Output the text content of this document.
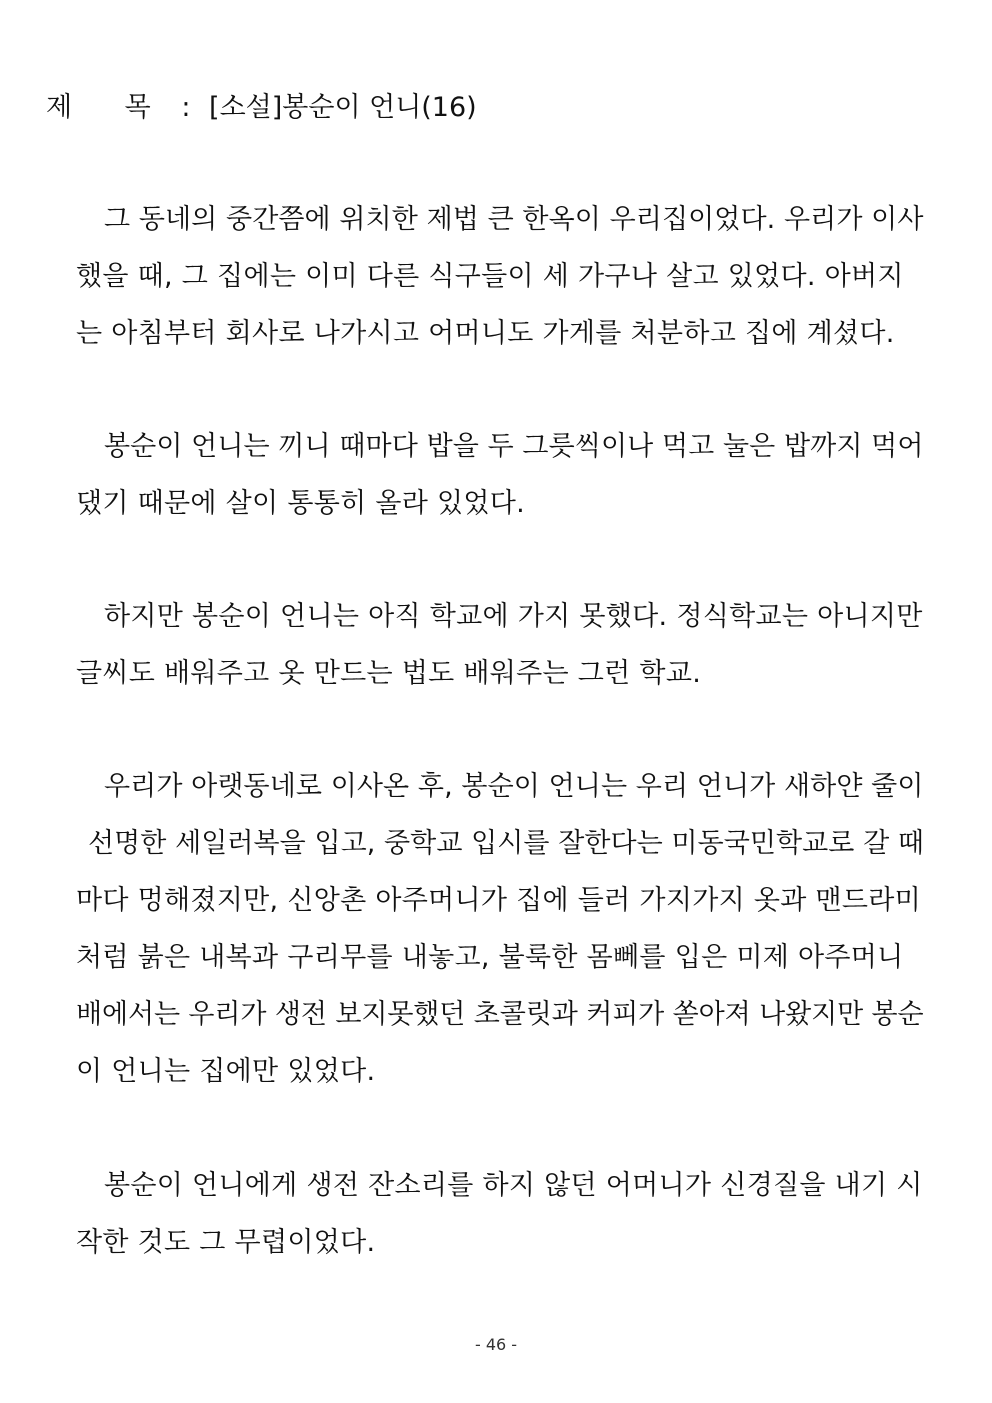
제 목 : [소설]봉순이 언니(16)
그 동네의 중간쯤에 위치한 제법 큰 한옥이 우리집이었다. 우리가 이사
했을 때, 그 집에는 이미 다른 식구들이 세 가구나 살고 있었다. 아버지
는 아침부터 회사로 나가시고 어머니도 가게를 처분하고 집에 계셨다.
봉순이 언니는 끼니 때마다 밥을 두 그릇씩이나 먹고 눌은 밥까지 먹어
댔기 때문에 살이 통통히 올라 있었다.
하지만 봉순이 언니는 아직 학교에 가지 못했다. 정식학교는 아니지만
글씨도 배워주고 옷 만드는 법도 배워주는 그런 학교.
우리가 아랫동네로 이사온 후, 봉순이 언니는 우리 언니가 새하얀 줄이
선명한 세일러복을 입고, 중학교 입시를 잘한다는 미동국민학교로 갈 때
마다 멍해졌지만, 신앙촌 아주머니가 집에 들러 가지가지 옷과 맨드라미
처럼 붉은 내복과 구리무를 내놓고, 불룩한 몸뻬를 입은 미제 아주머니
배에서는 우리가 생전 보지못했던 초콜릿과 커피가 쏟아져 나왔지만 봉순
이 언니는 집에만 있었다.
봉순이 언니에게 생전 잔소리를 하지 않던 어머니가 신경질을 내기 시
작한 것도 그 무렵이었다.
- 46 -
